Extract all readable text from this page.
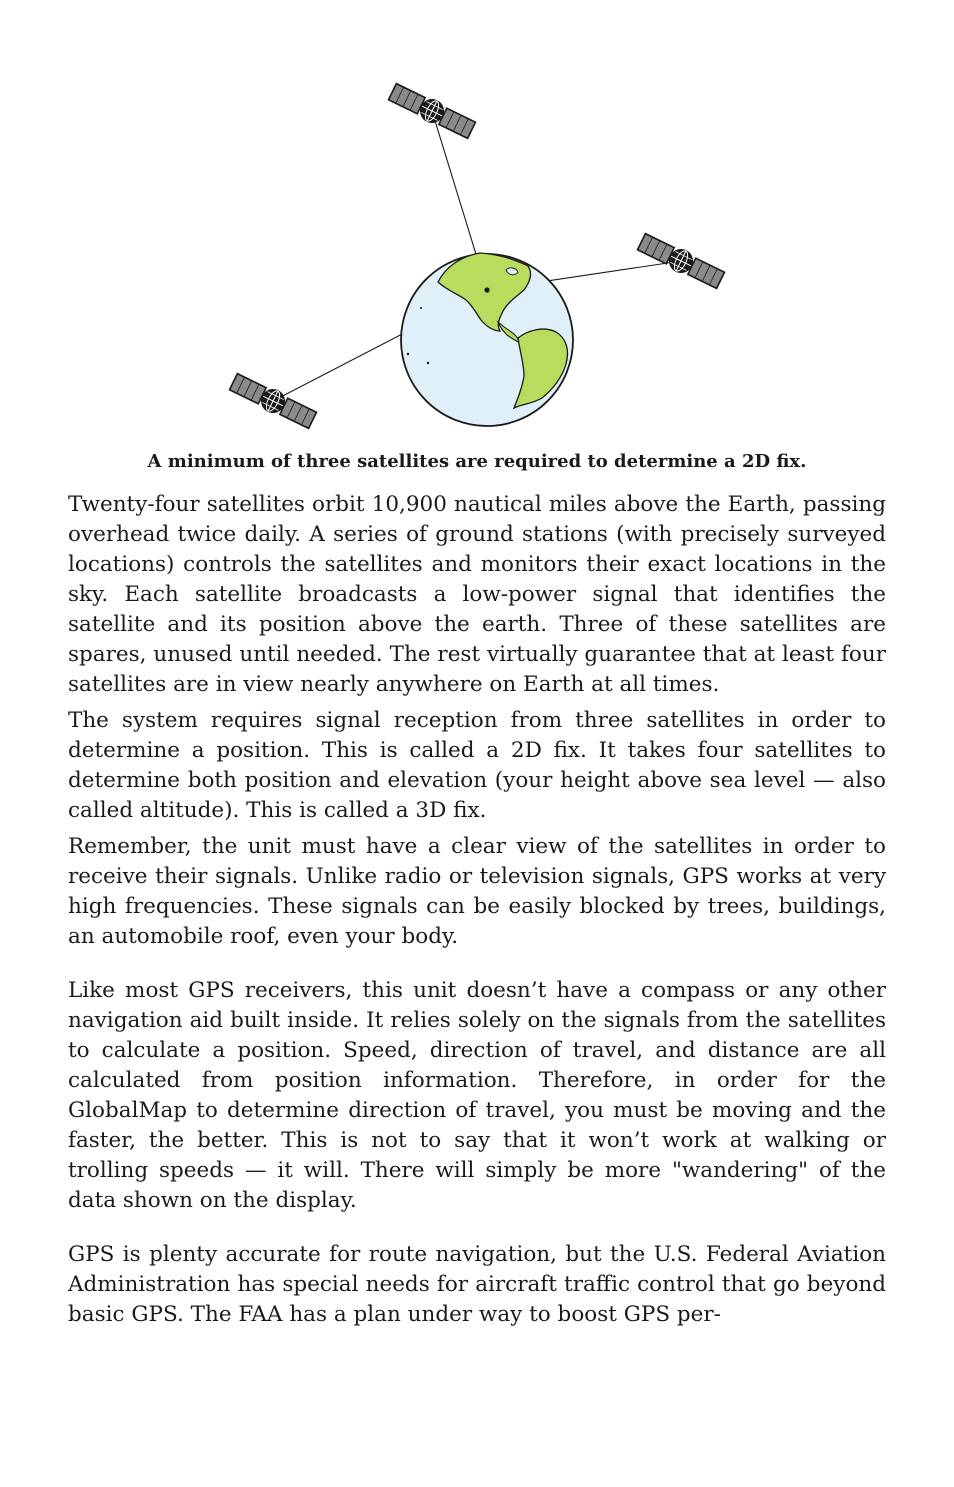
A minimum of three satellites are required to determine a 2D fix.

Twenty-four satellites orbit 10,900 nautical miles above the Earth, passing overhead twice daily. A series of ground stations (with precisely surveyed locations) controls the satellites and monitors their exact locations in the sky. Each satellite broadcasts a low-power signal that identifies the satellite and its position above the earth. Three of these satellites are spares, unused until needed. The rest virtually guarantee that at least four satellites are in view nearly anywhere on Earth at all times.

The system requires signal reception from three satellites in order to determine a position. This is called a 2D fix. It takes four satellites to determine both position and elevation (your height above sea level — also called altitude). This is called a 3D fix.

Remember, the unit must have a clear view of the satellites in order to receive their signals. Unlike radio or television signals, GPS works at very high frequencies. These signals can be easily blocked by trees, buildings, an automobile roof, even your body.

Like most GPS receivers, this unit doesn’t have a compass or any other navigation aid built inside. It relies solely on the signals from the satellites to calculate a position. Speed, direction of travel, and distance are all calculated from position information. Therefore, in order for the GlobalMap to determine direction of travel, you must be moving and the faster, the better. This is not to say that it won’t work at walking or trolling speeds — it will. There will simply be more "wandering" of the data shown on the display.

GPS is plenty accurate for route navigation, but the U.S. Federal Aviation Administration has special needs for aircraft traffic control that go beyond basic GPS. The FAA has a plan under way to boost GPS per-
